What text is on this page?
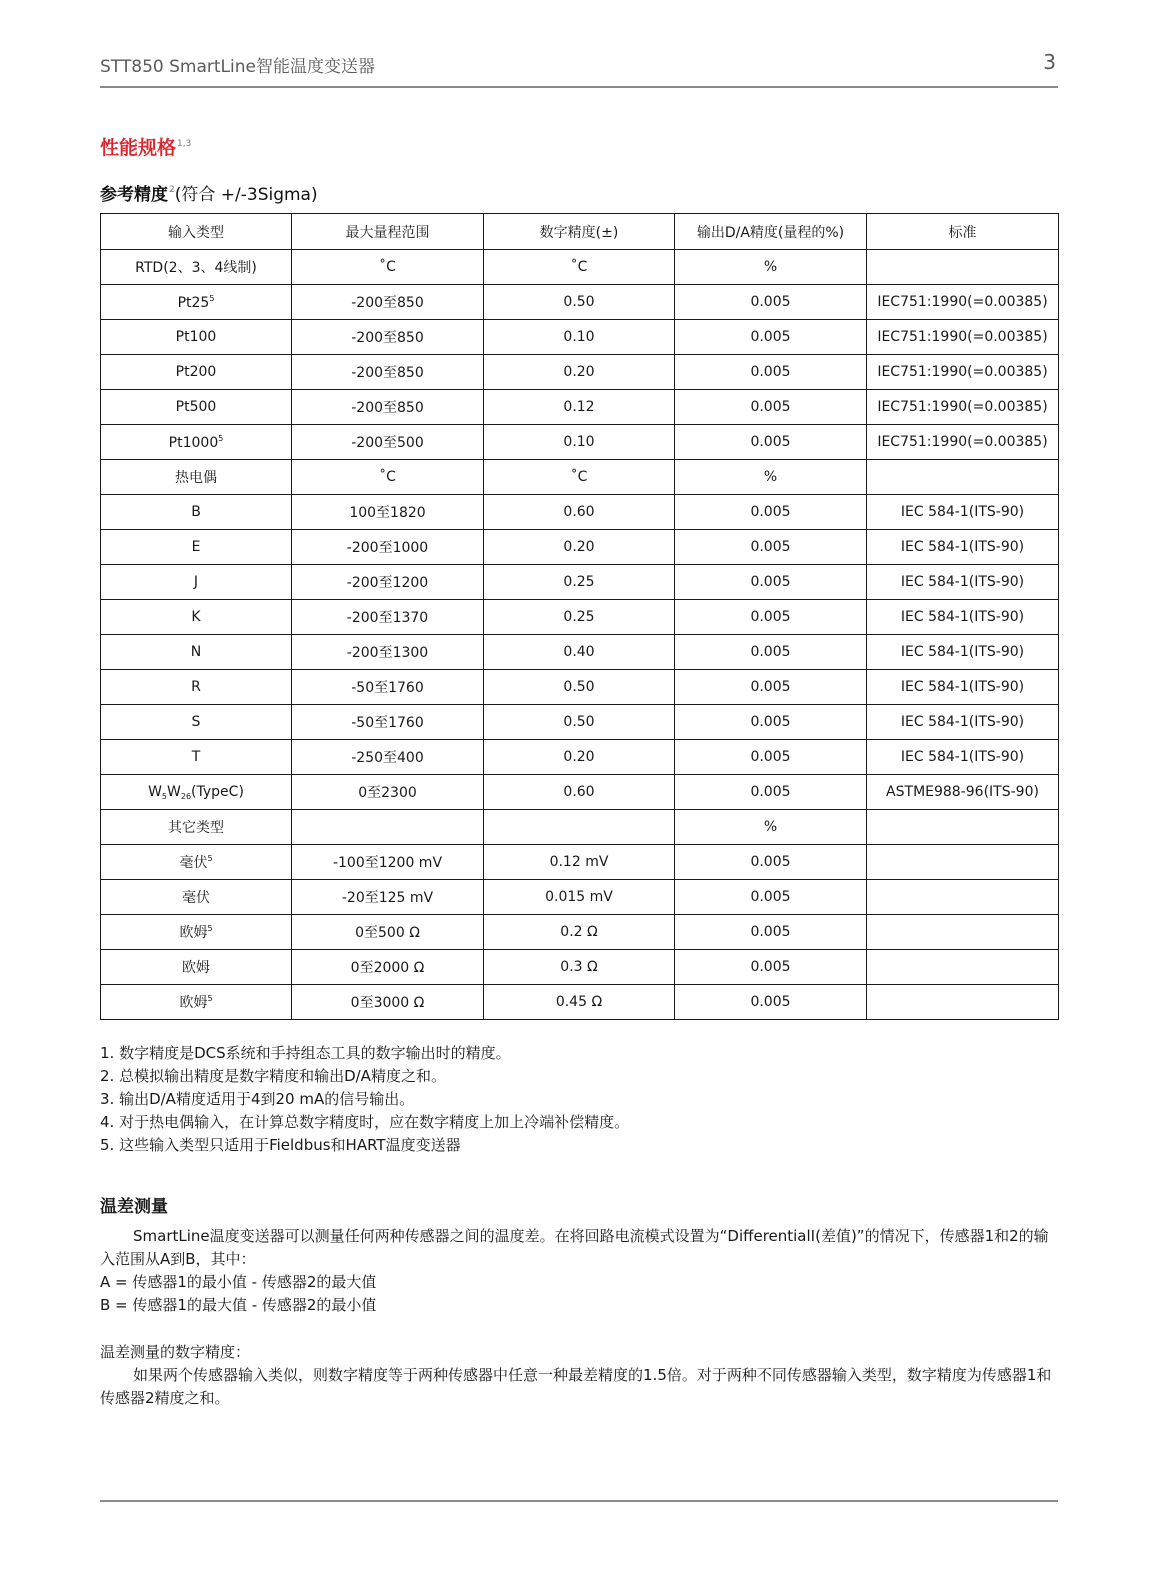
STT850 SmartLine智能温度变送器	3
性能规格$^{1,3}$
参考精度$^2$(符合 +/-3Sigma)
输入类型	最大量程范围	数字精度(±)	输出D/A精度(量程的%)	标准
RTD(2、3、4线制)	˚C	˚C	%	
$Pt25^5$	-200至850	0.50	0.005	IEC751:1990(=0.00385)
Pt100	-200至850	0.10	0.005	IEC751:1990(=0.00385)
Pt200	-200至850	0.20	0.005	IEC751:1990(=0.00385)
Pt500	-200至850	0.12	0.005	IEC751:1990(=0.00385)
Pt1000$^5$	-200至500	0.10	0.005	IEC751:1990(=0.00385)
热电偶	˚C	˚C	%	
B	100至1820	0.60	0.005	IEC 584-1(ITS-90)
E	-200至1000	0.20	0.005	IEC 584-1(ITS-90)
J	-200至1200	0.25	0.005	IEC 584-1(ITS-90)
K	-200至1370	0.25	0.005	IEC 584-1(ITS-90)
N	-200至1300	0.40	0.005	IEC 584-1(ITS-90)
R	-50至1760	0.50	0.005	IEC 584-1(ITS-90)
S	-50至1760	0.50	0.005	IEC 584-1(ITS-90)
T	-250至400	0.20	0.005	IEC 584-1(ITS-90)
$W_5W_{26}(TypeC)$	0至2300	0.60	0.005	ASTME988-96(ITS-90)
其它类型			%	
毫伏$^5$	-100至1200 mV	0.12 mV	0.005	
毫伏	-20至125 mV	0.015 mV	0.005	
欧姆$^5$	0至500 Ω	0.2 Ω	0.005	
欧姆	0至2000 Ω	0.3 Ω	0.005	
欧姆$^5$	0至3000 Ω	0.45 Ω	0.005	
1. 数字精度是DCS系统和手持组态工具的数字输出时的精度。
2. 总模拟输出精度是数字精度和输出D/A精度之和。
3. 输出D/A精度适用于4到20 mA的信号输出。
4. 对于热电偶输入，在计算总数字精度时，应在数字精度上加上冷端补偿精度。
5. 这些输入类型只适用于Fieldbus和HART温度变送器
温差测量
SmartLine温度变送器可以测量任何两种传感器之间的温度差。在将回路电流模式设置为“DifferentialI(差值)”的情况下，传感器1和2的输入范围从A到B，其中：
A = 传感器1的最小值 - 传感器2的最大值
B = 传感器1的最大值 - 传感器2的最小值
温差测量的数字精度：
如果两个传感器输入类似，则数字精度等于两种传感器中任意一种最差精度的1.5倍。对于两种不同传感器输入类型，数字精度为传感器1和传感器2精度之和。
